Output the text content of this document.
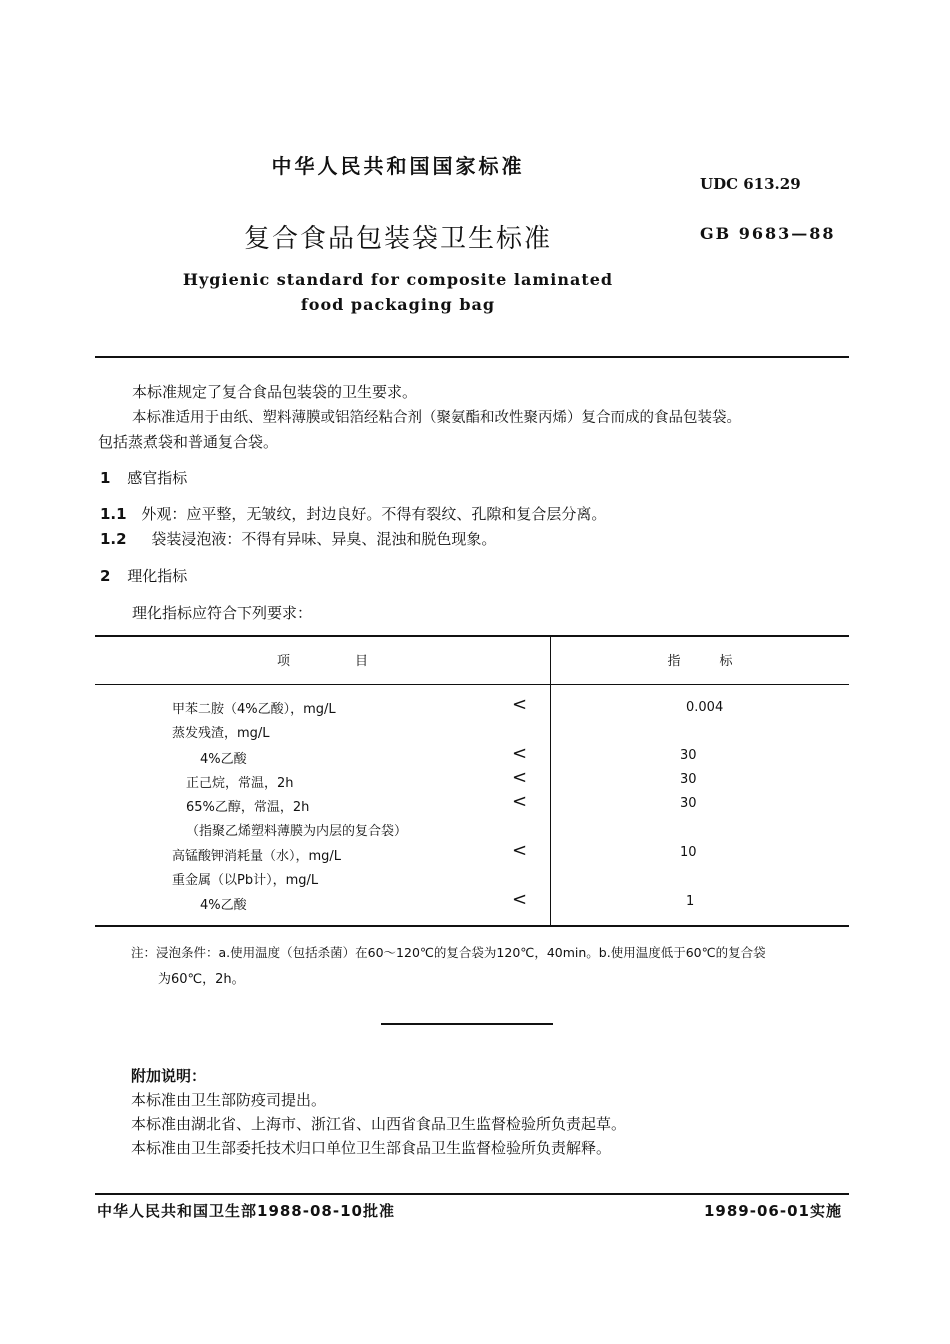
中华人民共和国国家标准
UDC 613.29
复合食品包装袋卫生标准	GB 9683—88
Hygienic standard for composite laminated
food packaging bag
本标准规定了复合食品包装袋的卫生要求。
本标准适用于由纸、塑料薄膜或铝箔经粘合剂（聚氨酯和改性聚丙烯）复合而成的食品包装袋。
包括蒸煮袋和普通复合袋。
1 感官指标
1.1 外观：应平整，无皱纹，封边良好。不得有裂纹、孔隙和复合层分离。
1.2 袋装浸泡液：不得有异味、异臭、混浊和脱色现象。
2 理化指标
理化指标应符合下列要求：
项　　　　　目	指　　　标
甲苯二胺（4%乙酸），mg/L	<	0.004
蒸发残渣，mg/L
4%乙酸	<	30
正己烷，常温，2h	<	30
65%乙醇，常温，2h	<	30
（指聚乙烯塑料薄膜为内层的复合袋）
高锰酸钾消耗量（水），mg/L	<	10
重金属（以Pb计），mg/L
4%乙酸	<	1
注：浸泡条件：a.使用温度（包括杀菌）在60～120℃的复合袋为120℃，40min。b.使用温度低于60℃的复合袋
为60℃，2h。
附加说明：
本标准由卫生部防疫司提出。
本标准由湖北省、上海市、浙江省、山西省食品卫生监督检验所负责起草。
本标准由卫生部委托技术归口单位卫生部食品卫生监督检验所负责解释。
中华人民共和国卫生部1988-08-10批准	1989-06-01实施
